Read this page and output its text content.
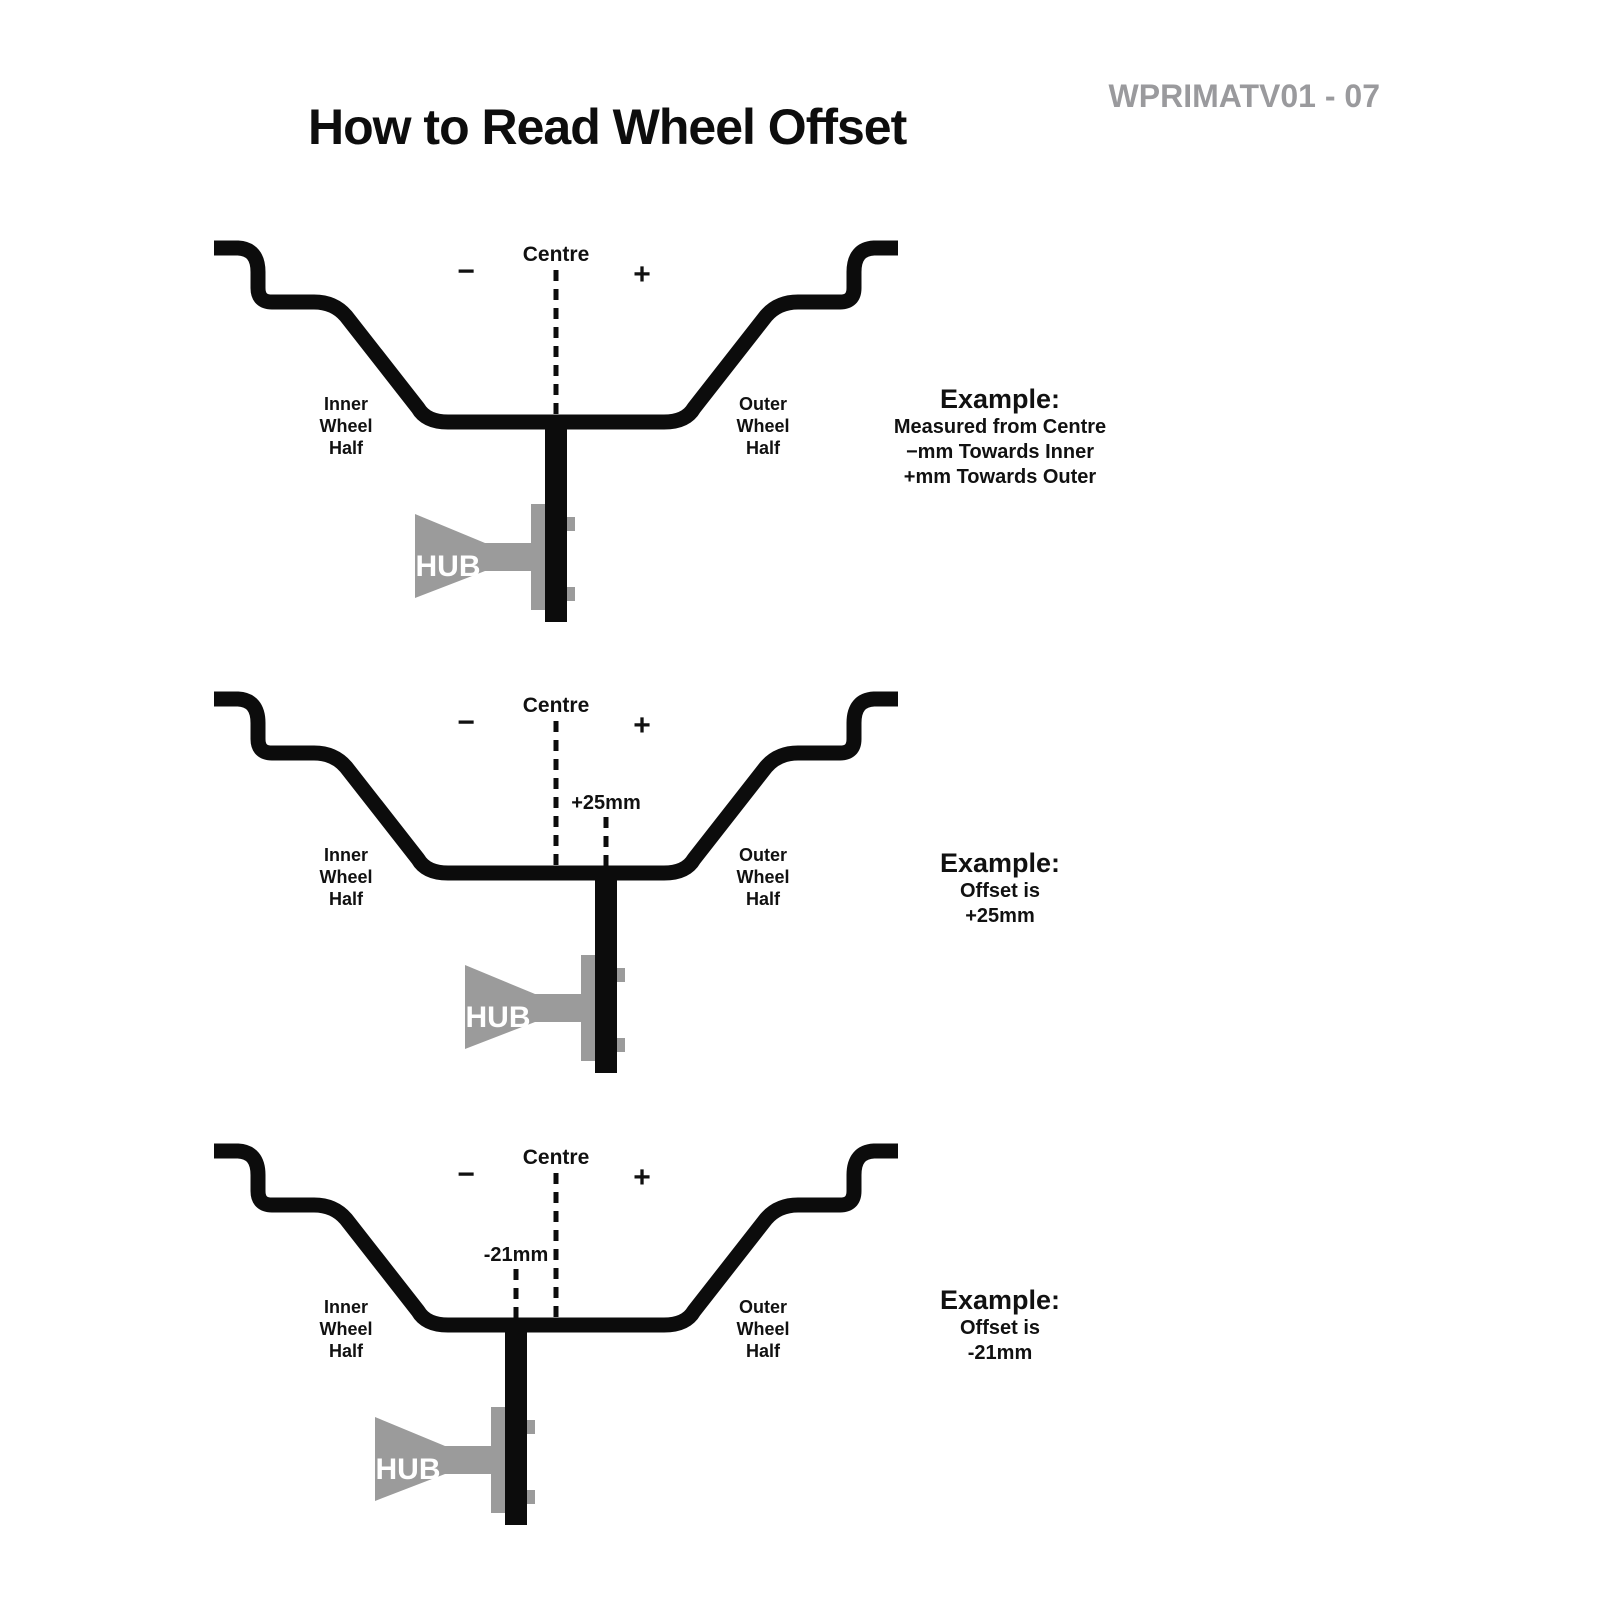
How to Read Wheel Offset
WPRIMATV01 - 07
Centre
−	+
Inner
Wheel
Half
Outer
Wheel
Half
HUB
Example:
Measured from Centre
−mm Towards Inner
+mm Towards Outer
Centre
−	+
+25mm
Inner
Wheel
Half
Outer
Wheel
Half
HUB
Example:
Offset is
+25mm
Centre
−	+
-21mm
Inner
Wheel
Half
Outer
Wheel
Half
HUB
Example:
Offset is
-21mm
